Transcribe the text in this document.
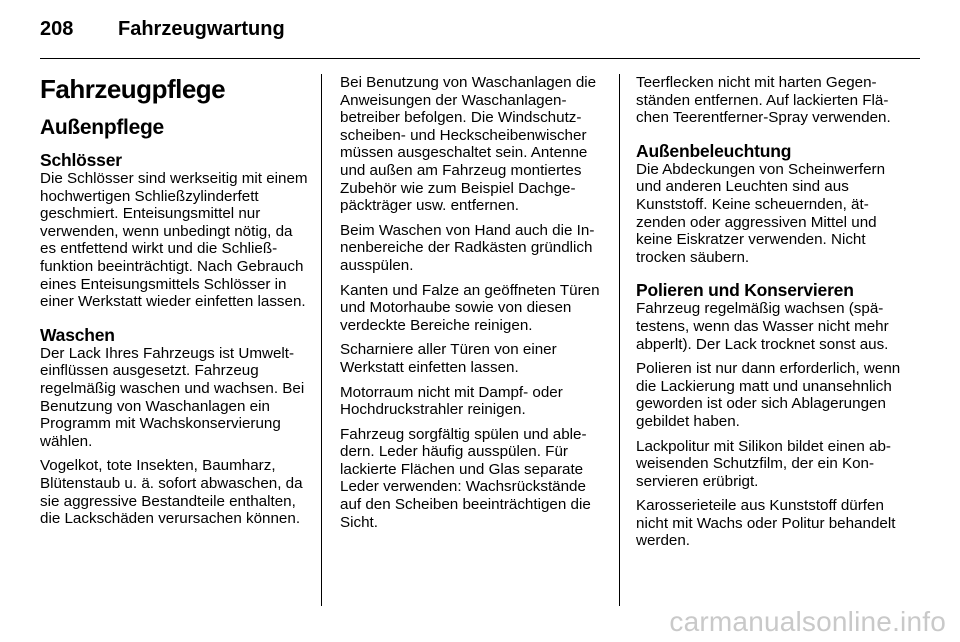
208 Fahrzeugwartung
Fahrzeugpflege
Außenpflege
Schlösser

Die Schlösser sind werkseitig mit einem hochwertigen Schließzylinderfett geschmiert. Enteisungsmittel nur verwenden, wenn unbedingt nötig, da es entfettend wirkt und die Schließfunktion beeinträchtigt. Nach Gebrauch eines Enteisungsmittels Schlösser in einer Werkstatt wieder einfetten lassen.

Waschen

Der Lack Ihres Fahrzeugs ist Umwelteinflüssen ausgesetzt. Fahrzeug regelmäßig waschen und wachsen. Bei Benutzung von Waschanlagen ein Programm mit Wachskonservierung wählen.

Vogelkot, tote Insekten, Baumharz, Blütenstaub u. ä. sofort abwaschen, da sie aggressive Bestandteile enthalten, die Lackschäden verursachen können.

Bei Benutzung von Waschanlagen die Anweisungen der Waschanlagenbetreiber befolgen. Die Windschutzscheiben- und Heckscheibenwischer müssen ausgeschaltet sein. Antenne und außen am Fahrzeug montiertes Zubehör wie zum Beispiel Dachgepäckträger usw. entfernen.

Beim Waschen von Hand auch die Innenbereiche der Radkästen gründlich ausspülen.

Kanten und Falze an geöffneten Türen und Motorhaube sowie von diesen verdeckte Bereiche reinigen.

Scharniere aller Türen von einer Werkstatt einfetten lassen.

Motorraum nicht mit Dampf- oder Hochdruckstrahler reinigen.

Fahrzeug sorgfältig spülen und abledern. Leder häufig ausspülen. Für lackierte Flächen und Glas separate Leder verwenden: Wachsrückstände auf den Scheiben beeinträchtigen die Sicht.

Teerflecken nicht mit harten Gegenständen entfernen. Auf lackierten Flächen Teerentferner-Spray verwenden.

Außenbeleuchtung

Die Abdeckungen von Scheinwerfern und anderen Leuchten sind aus Kunststoff. Keine scheuernden, ätzenden oder aggressiven Mittel und keine Eiskratzer verwenden. Nicht trocken säubern.

Polieren und Konservieren

Fahrzeug regelmäßig wachsen (spätestens, wenn das Wasser nicht mehr abperlt). Der Lack trocknet sonst aus.

Polieren ist nur dann erforderlich, wenn die Lackierung matt und unansehnlich geworden ist oder sich Ablagerungen gebildet haben.

Lackpolitur mit Silikon bildet einen abweisenden Schutzfilm, der ein Konservieren erübrigt.

Karosserieteile aus Kunststoff dürfen nicht mit Wachs oder Politur behandelt werden.

carmanualsonline.info
